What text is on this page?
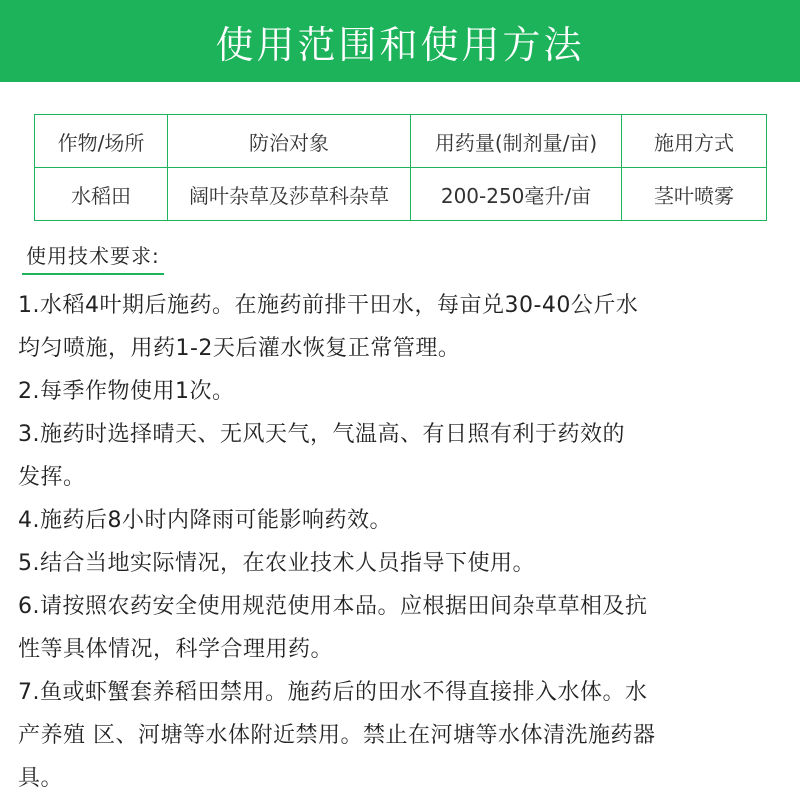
使用范围和使用方法
作物/场所	防治对象	用药量(制剂量/亩)	施用方式
水稻田	阔叶杂草及莎草科杂草	200-250毫升/亩	茎叶喷雾
使用技术要求:

1.水稻4叶期后施药。在施药前排干田水，每亩兑30-40公斤水

均匀喷施，用药1-2天后灌水恢复正常管理。

2.每季作物使用1次。

3.施药时选择晴天、无风天气，气温高、有日照有利于药效的

发挥。

4.施药后8小时内降雨可能影响药效。

5.结合当地实际情况，在农业技术人员指导下使用。

6.请按照农药安全使用规范使用本品。应根据田间杂草草相及抗

性等具体情况，科学合理用药。

7.鱼或虾蟹套养稻田禁用。施药后的田水不得直接排入水体。水

产养殖 区、河塘等水体附近禁用。禁止在河塘等水体清洗施药器

具。
